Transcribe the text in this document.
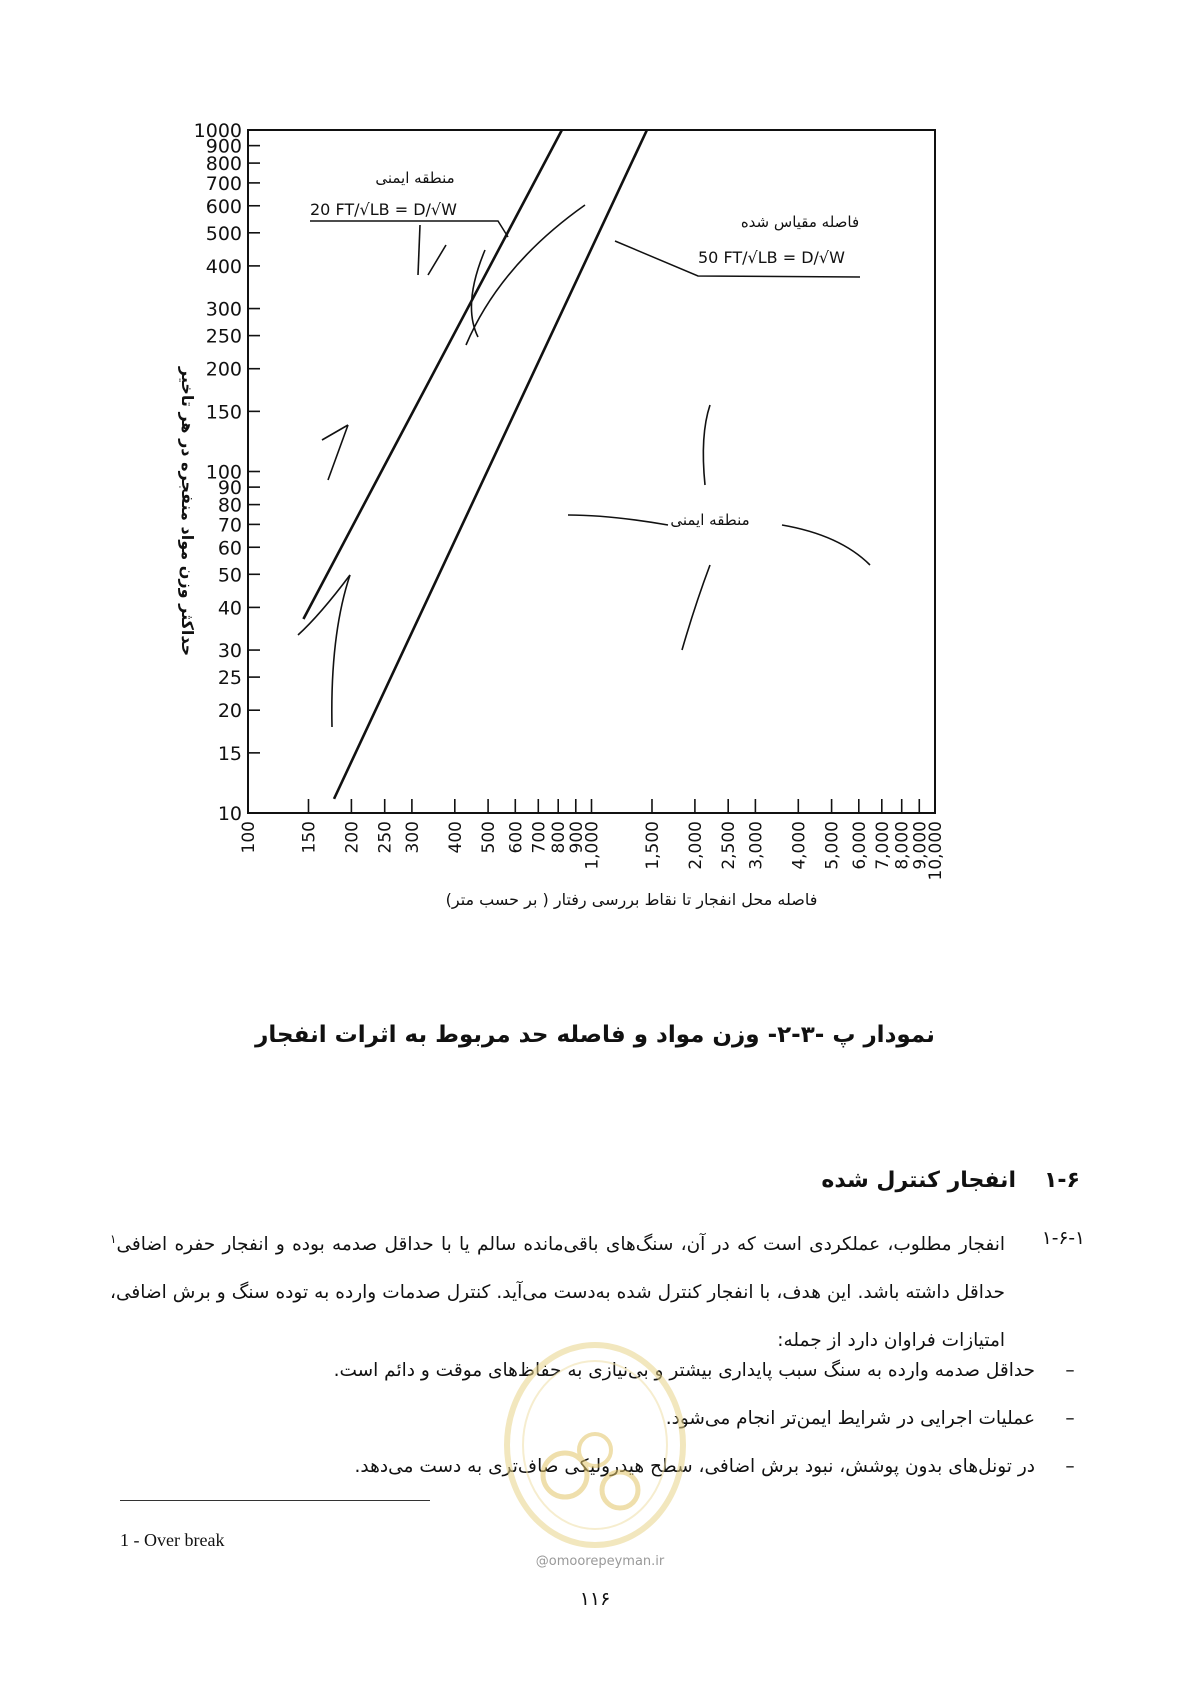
10
15
20
25
30
40
50
60
70
80
90
100
150
200
250
300
400
500
600
700
800
900
1000
100 150 200 250 300 400 500 600 700 800
900
1,000 1,500 2,000 2,500 3,000 4,000 5,000 6,000 7,000 8,000
9,000
10,000
فاصله محل انفجار تا نقاط بررسی رفتار ( بر حسب متر)
حداکثر وزن مواد منفجره در هر تاخیر
منطقه ایمنی
20 FT/√LB = D/√W
فاصله مقیاس شده
50 FT/√LB = D/√W
منطقه ایمنی
نمودار پ -۳-۲- وزن مواد و فاصله حد مربوط به اثرات انفجار
۱-۶انفجار کنترل شده
۱-۶-۱
انفجار مطلوب، عملکردی است که در آن، سنگ‌های باقی‌مانده سالم یا با حداقل صدمه بوده و انفجار حفره اضافی$^۱$ حداقل داشته باشد. این هدف، با انفجار کنترل شده به‌دست می‌آید. کنترل صدمات وارده به توده سنگ و برش اضافی، امتیازات فراوان دارد از جمله:
–حداقل صدمه وارده به سنگ سبب پایداری بیشتر و بی‌نیازی به حفاظ‌های موقت و دائم است.
–عملیات اجرایی در شرایط ایمن‌تر انجام می‌شود.
–در تونل‌های بدون پوشش، نبود برش اضافی، سطح هیدرولیکی صاف‌تری به دست می‌دهد.
1 - Over break
@omoorepeyman.ir
۱۱۶
